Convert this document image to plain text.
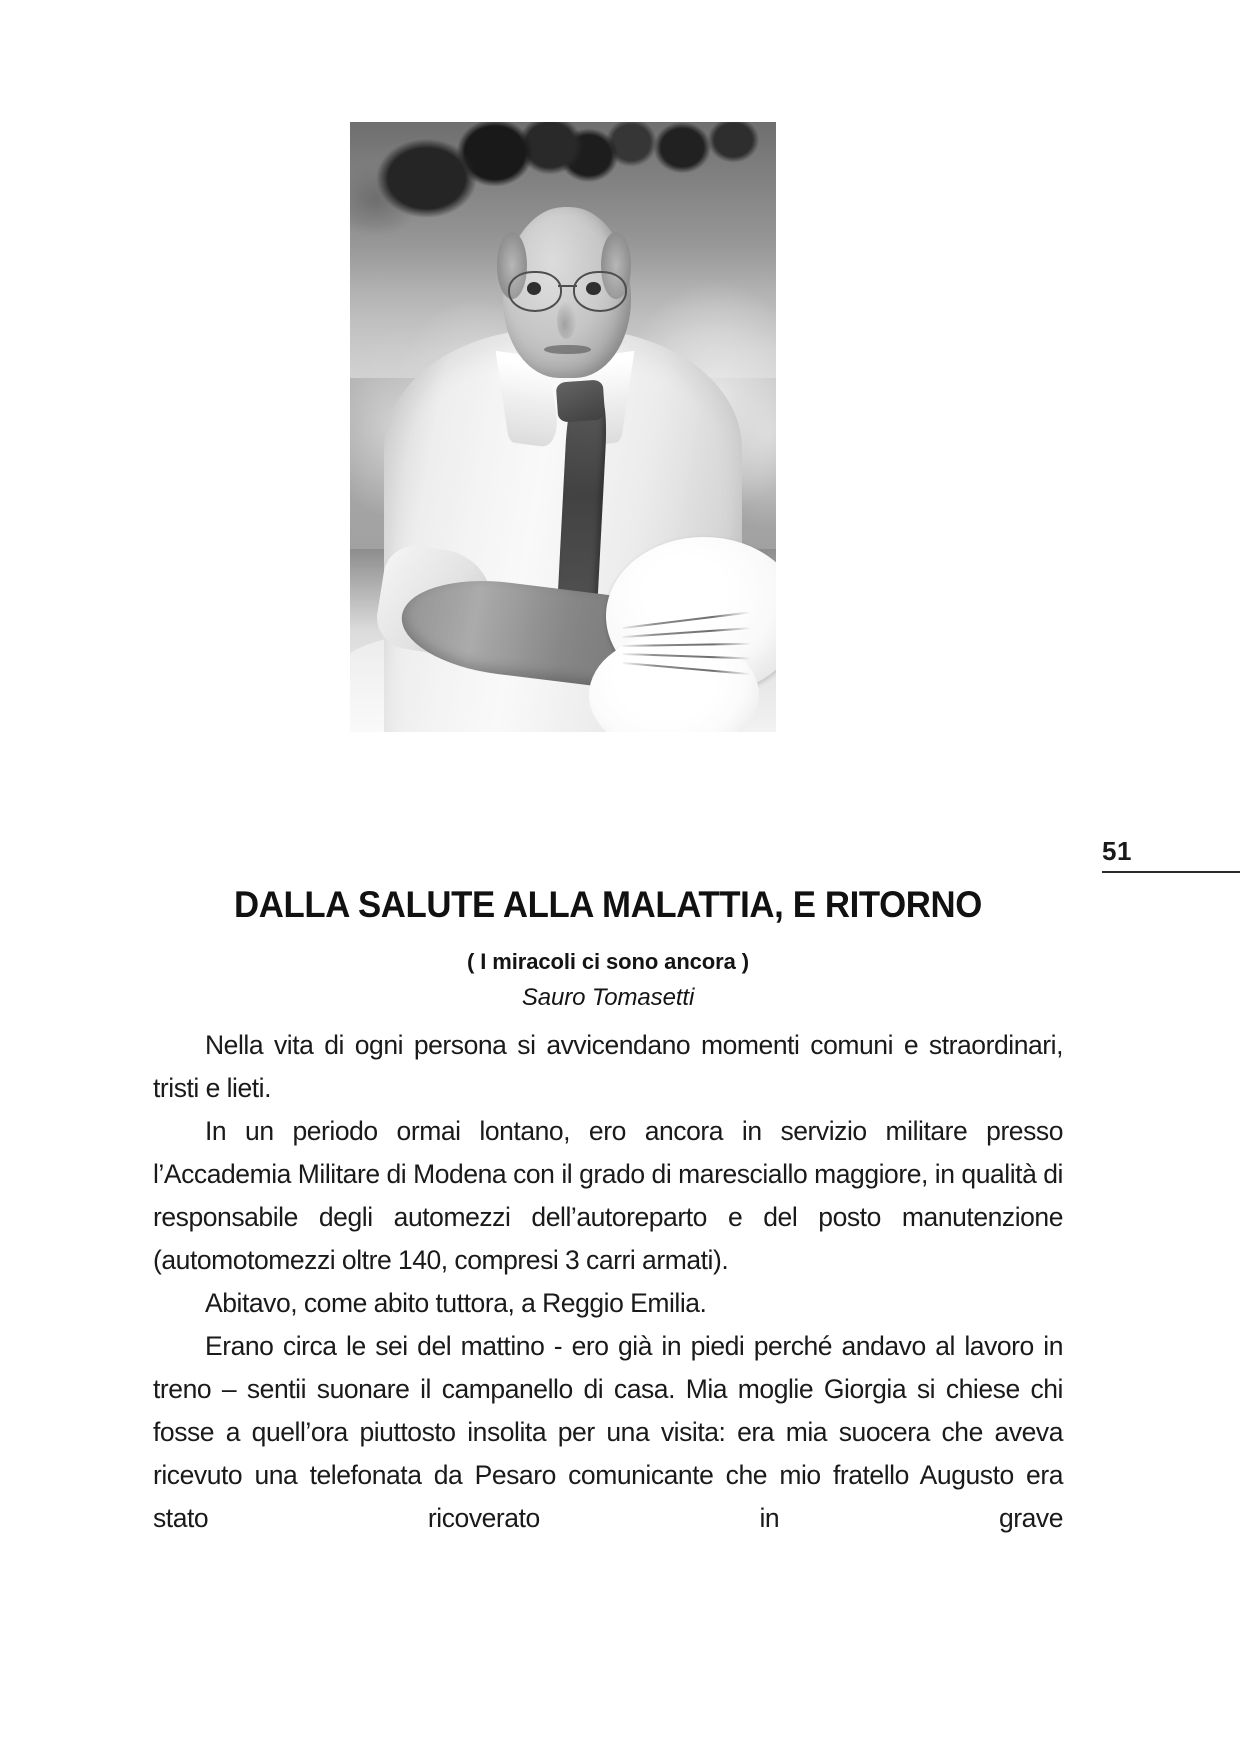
51
DALLA SALUTE ALLA MALATTIA, E RITORNO
( I miracoli ci sono ancora )
Sauro Tomasetti

Nella vita di ogni persona si avvicendano momenti comuni e straordinari, tristi e lieti.

In un periodo ormai lontano, ero ancora in servizio militare presso l’Accademia Militare di Modena con il grado di maresciallo maggiore, in qualità di responsabile degli automezzi dell’autoreparto e del posto manutenzione (automotomezzi oltre 140, compresi 3 carri armati).

Abitavo, come abito tuttora, a Reggio Emilia.

Erano circa le sei del mattino - ero già in piedi perché andavo al lavoro in treno – sentii suonare il campanello di casa. Mia moglie Giorgia si chiese chi fosse a quell’ora piuttosto insolita per una visita: era mia suocera che aveva ricevuto una telefonata da Pesaro comunicante che mio fratello Augusto era stato ricoverato in grave
